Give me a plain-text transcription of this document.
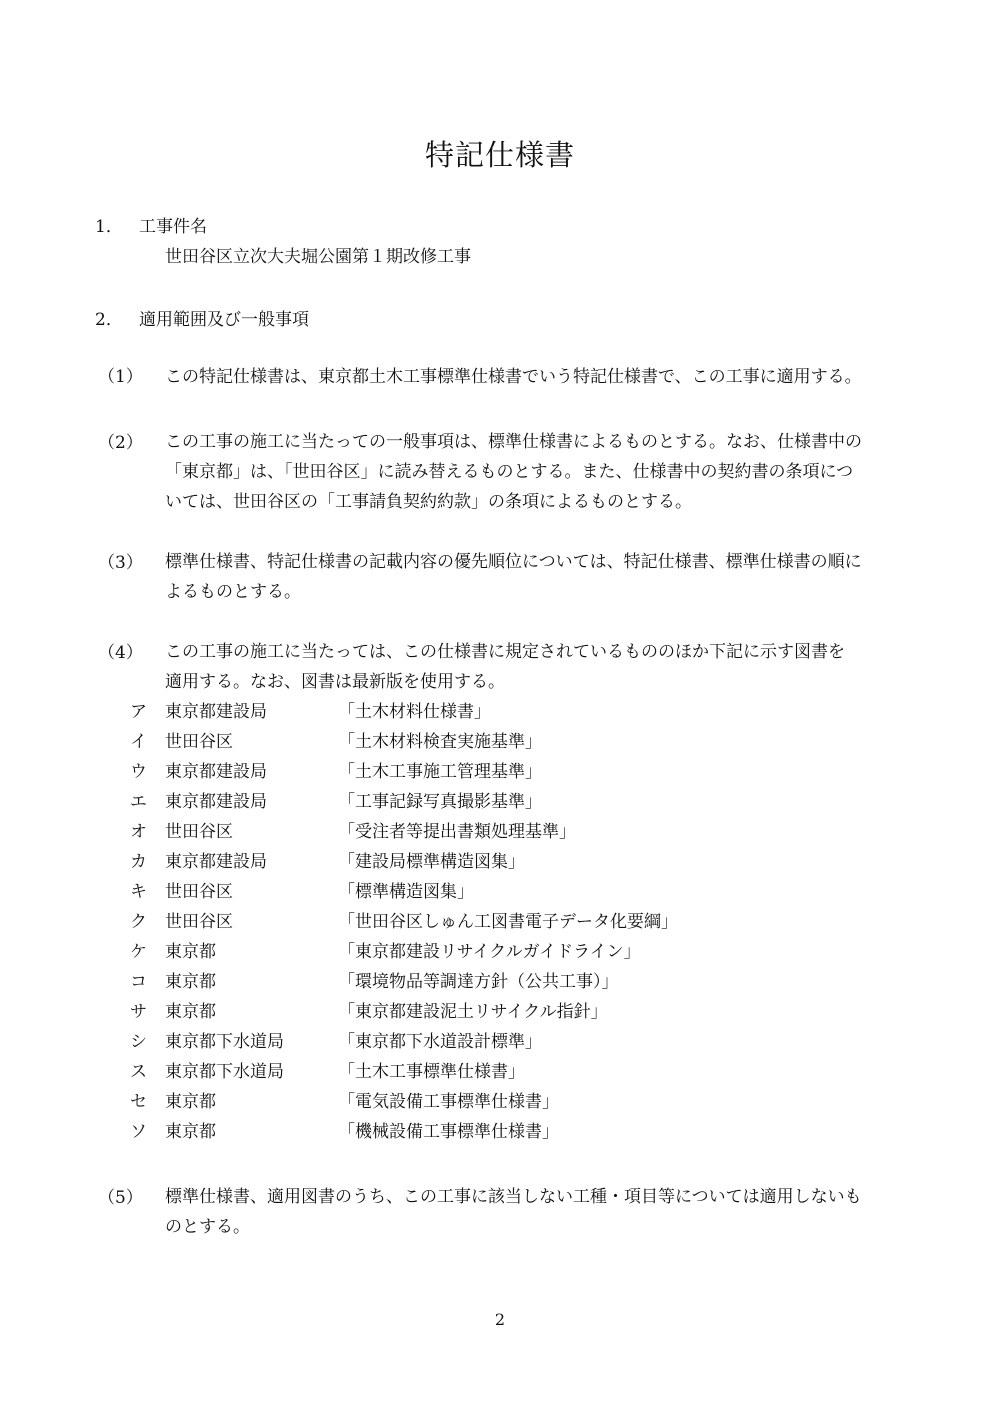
特記仕様書
1． 工事件名
世田谷区立次大夫堀公園第１期改修工事
2． 適用範囲及び一般事項
（1） この特記仕様書は、東京都土木工事標準仕様書でいう特記仕様書で、この工事に適用する。
（2） この工事の施工に当たっての一般事項は、標準仕様書によるものとする。なお、仕様書中の
「東京都」は、「世田谷区」に読み替えるものとする。また、仕様書中の契約書の条項につ
いては、世田谷区の「工事請負契約約款」の条項によるものとする。
（3） 標準仕様書、特記仕様書の記載内容の優先順位については、特記仕様書、標準仕様書の順に
よるものとする。
（4） この工事の施工に当たっては、この仕様書に規定されているもののほか下記に示す図書を
適用する。なお、図書は最新版を使用する。
ア 東京都建設局	「土木材料仕様書」
イ 世田谷区	「土木材料検査実施基準」
ウ 東京都建設局	「土木工事施工管理基準」
エ 東京都建設局	「工事記録写真撮影基準」
オ 世田谷区	「受注者等提出書類処理基準」
カ 東京都建設局	「建設局標準構造図集」
キ 世田谷区	「標準構造図集」
ク 世田谷区	「世田谷区しゅん工図書電子データ化要綱」
ケ 東京都	「東京都建設リサイクルガイドライン」
コ 東京都	「環境物品等調達方針（公共工事）」
サ 東京都	「東京都建設泥土リサイクル指針」
シ 東京都下水道局	「東京都下水道設計標準」
ス 東京都下水道局	「土木工事標準仕様書」
セ 東京都	「電気設備工事標準仕様書」
ソ 東京都	「機械設備工事標準仕様書」
（5） 標準仕様書、適用図書のうち、この工事に該当しない工種・項目等については適用しないも
のとする。
2
